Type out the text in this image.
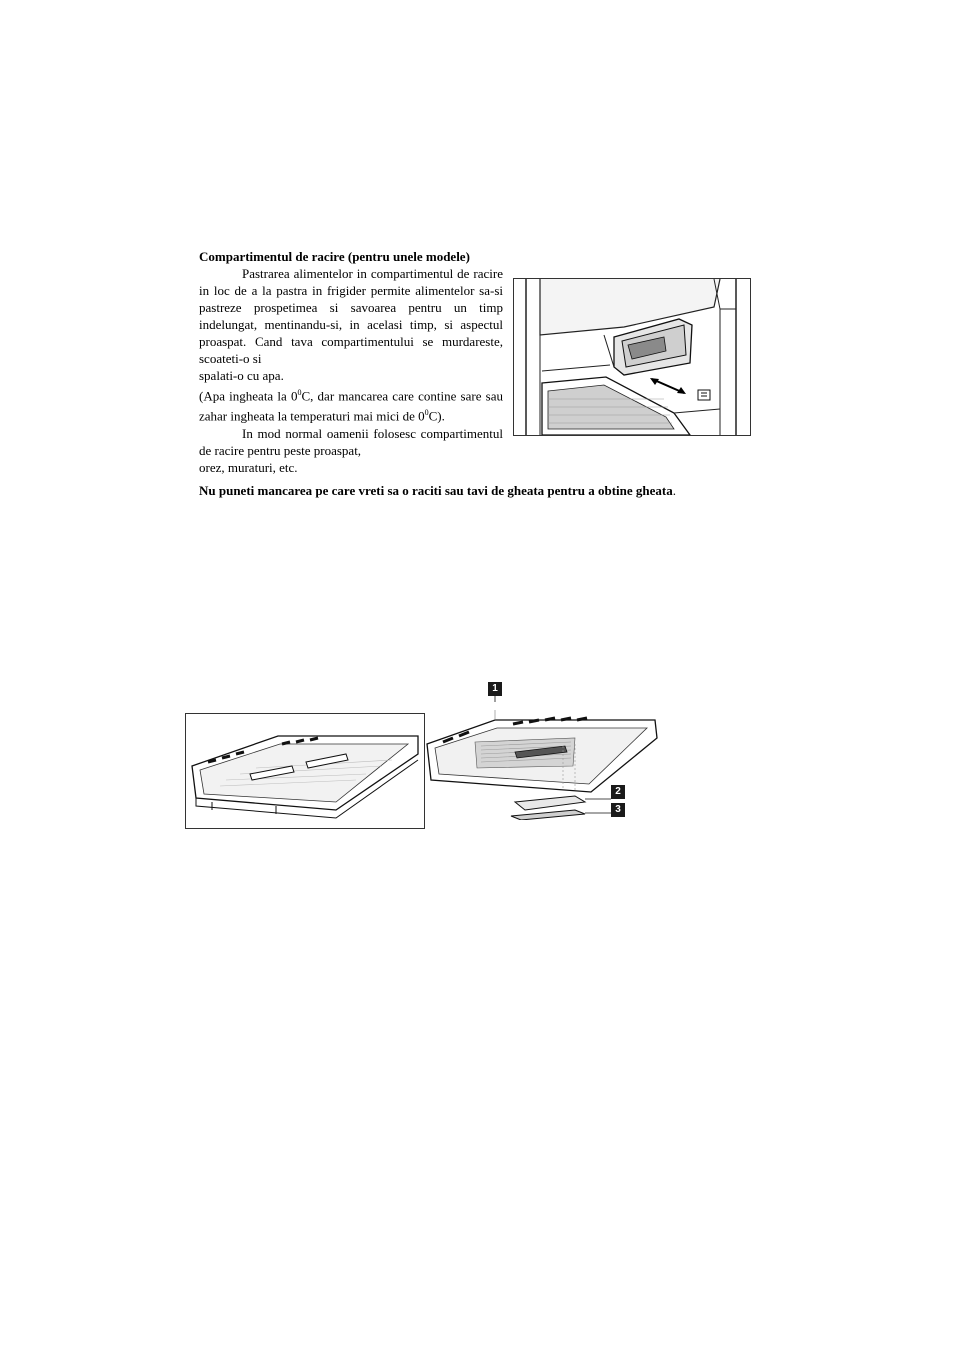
Compartimentul de racire (pentru unele modele)

Pastrarea alimentelor in compartimentul de racire in loc de a la pastra in frigider permite alimentelor sa-si pastreze prospetimea si savoarea pentru un timp indelungat, mentinandu-si, in acelasi timp, si aspectul proaspat. Cand tava compartimentului se murdareste, scoateti-o si

spalati-o cu apa.

(Apa ingheata la $0^0C$, dar mancarea care contine sare sau zahar ingheata la temperaturi mai mici de $0^0C$).

In mod normal oamenii folosesc compartimentul de racire pentru peste proaspat,

orez, muraturi, etc.

Nu puneti mancarea pe care vreti sa o raciti sau tavi de gheata pentru a obtine gheata.
1
2
3
